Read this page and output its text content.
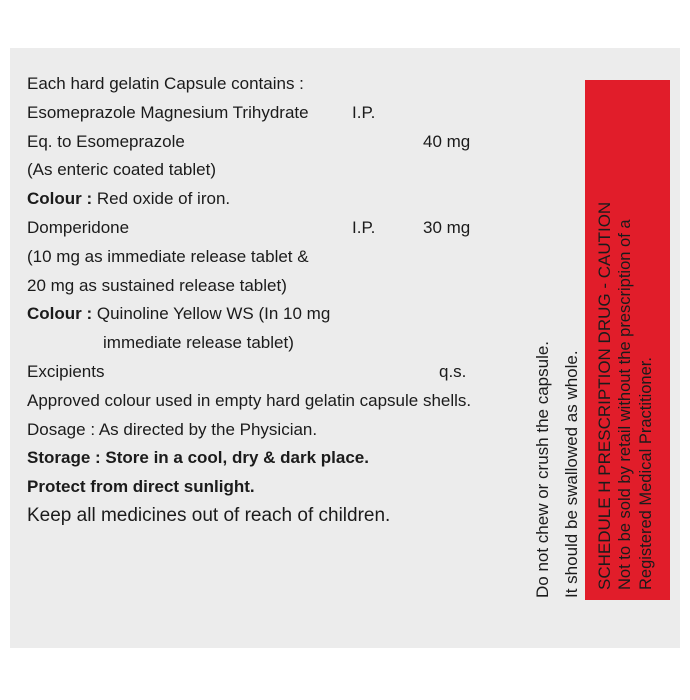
Each hard gelatin Capsule contains :
Esomeprazole Magnesium Trihydrate	I.P.
Eq. to Esomeprazole	40 mg
(As enteric coated tablet)
Colour : Red oxide of iron.
Domperidone	I.P.	30 mg
(10 mg as immediate release tablet &
20 mg as sustained release tablet)
Colour : Quinoline Yellow WS (In 10 mg
immediate release tablet)
Excipients	q.s.
Approved colour used in empty hard gelatin capsule shells.
Dosage : As directed by the Physician.
Storage : Store in a cool, dry & dark place.
Protect from direct sunlight.
Keep all medicines out of reach of children.	Do not chew or crush the capsule. It should be swallowed as whole. SCHEDULE H PRESCRIPTION DRUG - CAUTION Not to be sold by retail without the prescription of a Registered Medical Practitioner.
